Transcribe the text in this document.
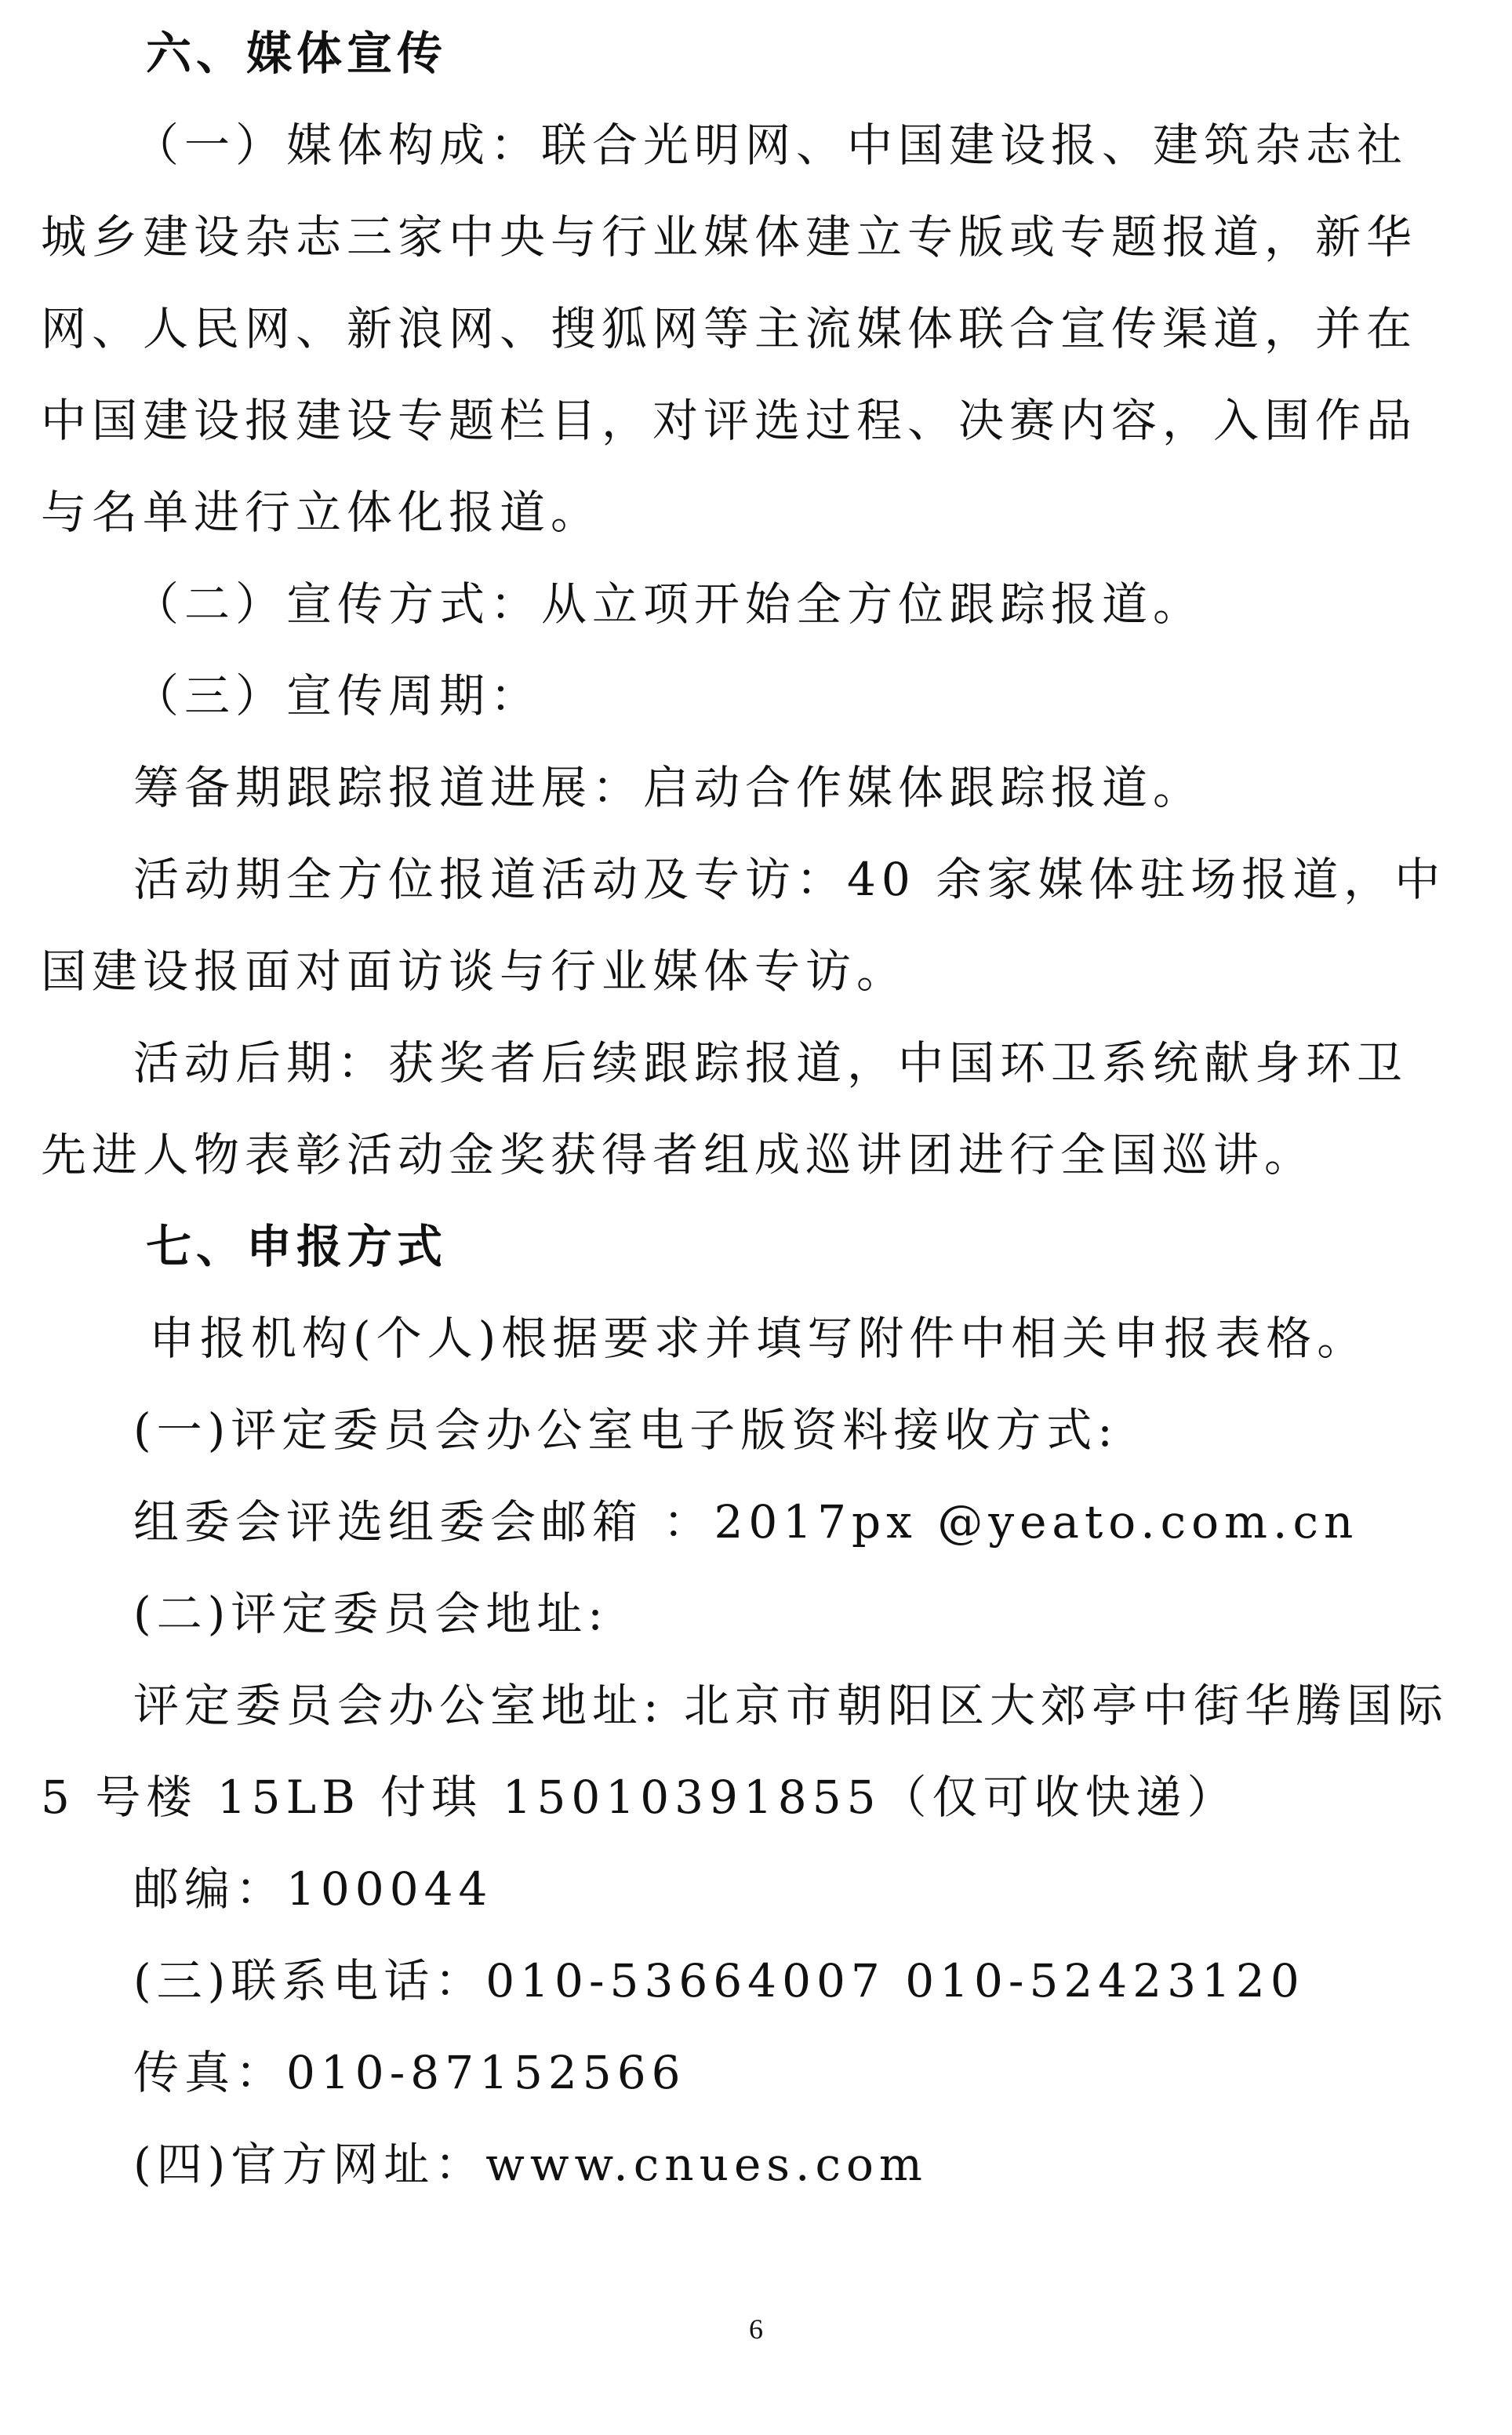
六、媒体宣传
（一）媒体构成：联合光明网、中国建设报、建筑杂志社
城乡建设杂志三家中央与行业媒体建立专版或专题报道，新华
网、人民网、新浪网、搜狐网等主流媒体联合宣传渠道，并在
中国建设报建设专题栏目，对评选过程、决赛内容，入围作品
与名单进行立体化报道。
（二）宣传方式：从立项开始全方位跟踪报道。
（三）宣传周期：
筹备期跟踪报道进展：启动合作媒体跟踪报道。
活动期全方位报道活动及专访：40 余家媒体驻场报道，中
国建设报面对面访谈与行业媒体专访。
活动后期：获奖者后续跟踪报道，中国环卫系统献身环卫
先进人物表彰活动金奖获得者组成巡讲团进行全国巡讲。
七、申报方式
申报机构(个人)根据要求并填写附件中相关申报表格。
(一)评定委员会办公室电子版资料接收方式:
组委会评选组委会邮箱 ：2017px @yeato.com.cn
(二)评定委员会地址:
评定委员会办公室地址: 北京市朝阳区大郊亭中街华腾国际
5 号楼 15LB 付琪 15010391855（仅可收快递）
邮编：100044
(三)联系电话：010-53664007 010-52423120
传真：010-87152566
(四)官方网址：www.cnues.com
6
